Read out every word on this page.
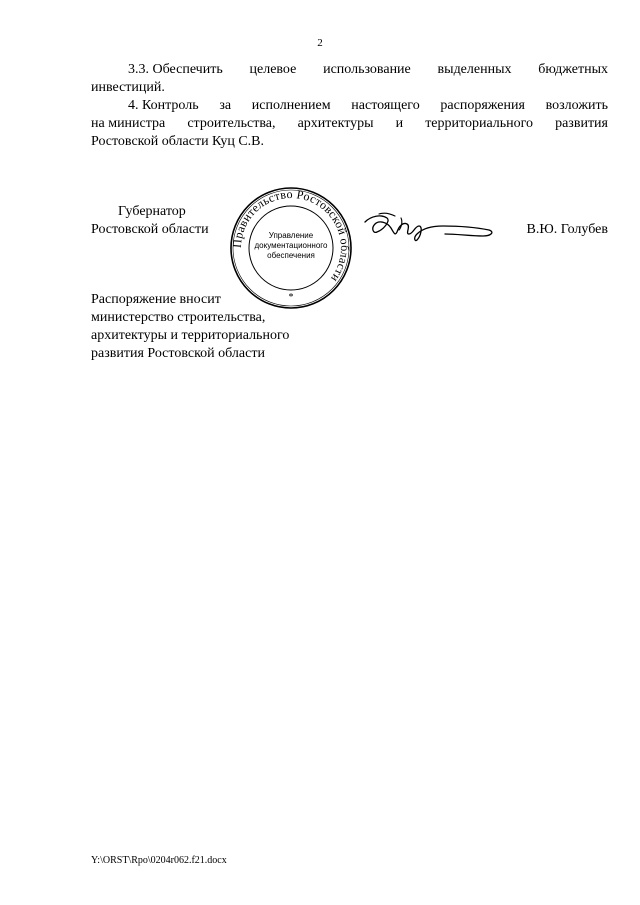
2
3.3. Обеспечить целевое использование выделенных бюджетных
инвестиций.
4. Контроль за исполнением настоящего распоряжения возложить
на министра строительства, архитектуры и территориального развития
Ростовской области Куц С.В.
Губернатор
Ростовской области
Правительство Ростовской области
Управление
документационного
обеспечения
*
В.Ю. Голубев
Распоряжение вносит
министерство строительства,
архитектуры и территориального
развития Ростовской области
Y:\ORST\Rpo\0204r062.f21.docx
